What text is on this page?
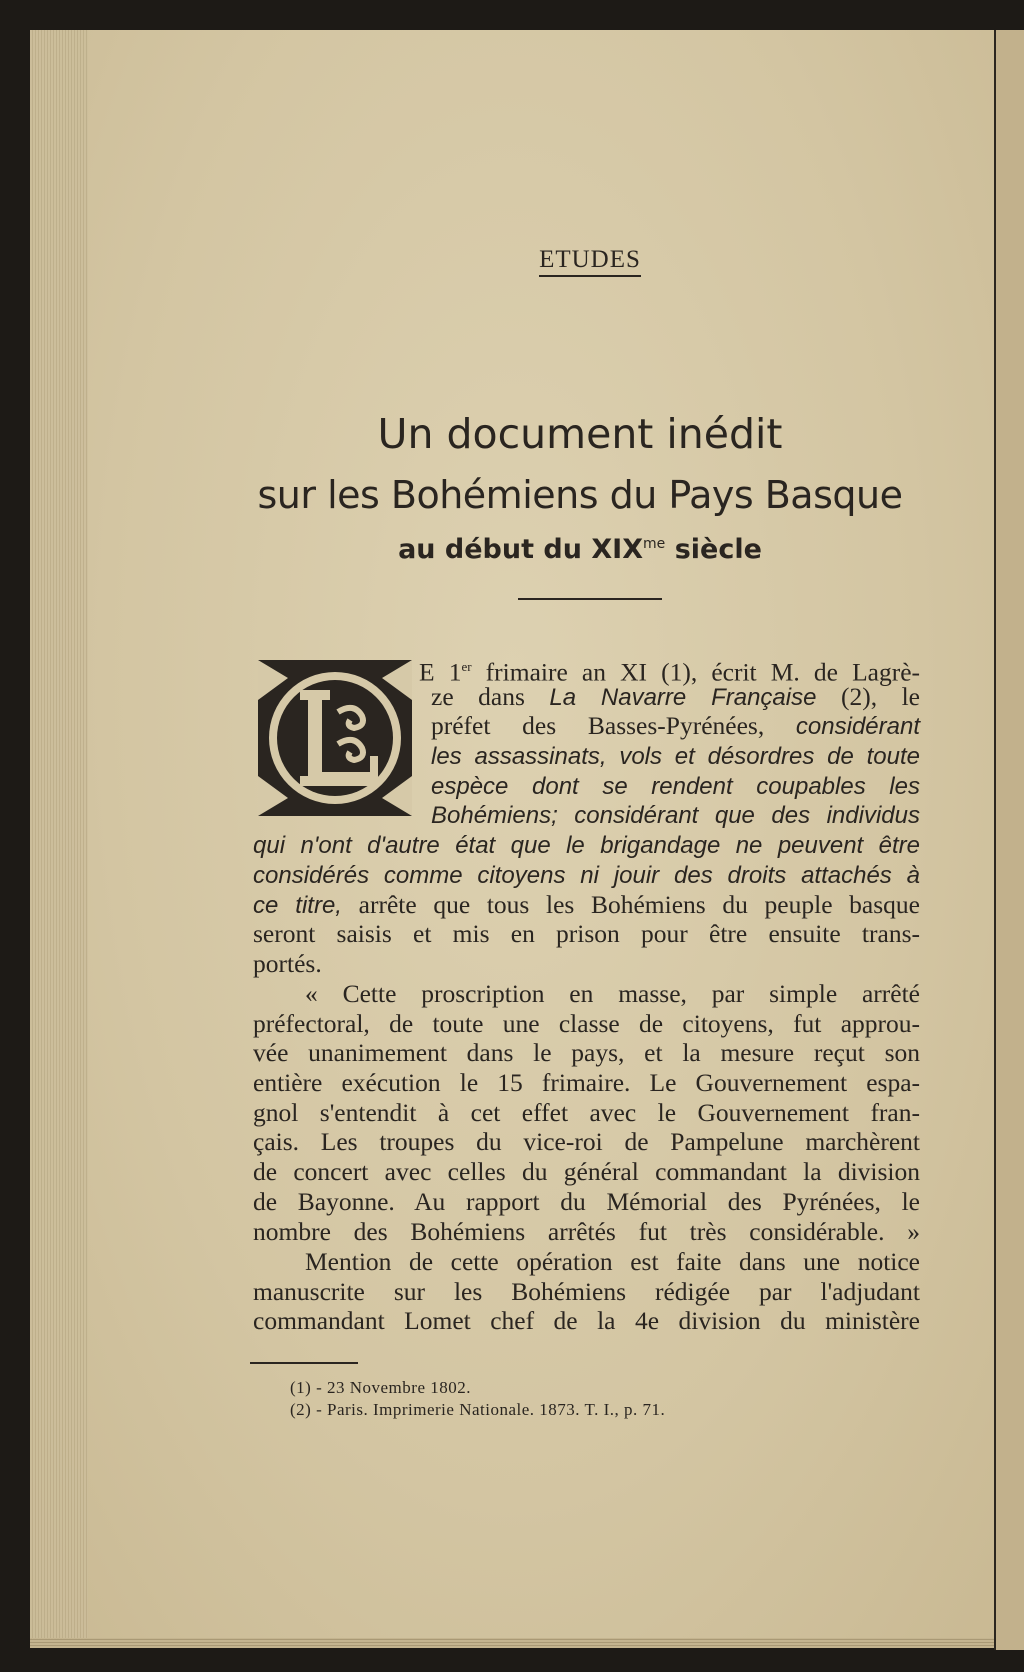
ETUDES
Un document inédit
sur les Bohémiens du Pays Basque
au début du $XIX^{me}$ siècle
E 1er frimaire an XI (1), écrit M. de Lagrè-
ze dans La Navarre Française (2), le
préfet des Basses-Pyrénées, considérant
les assassinats, vols et désordres de toute
espèce dont se rendent coupables les
Bohémiens; considérant que des individus
qui n'ont d'autre état que le brigandage ne peuvent être
considérés comme citoyens ni jouir des droits attachés à
ce titre, arrête que tous les Bohémiens du peuple basque
seront saisis et mis en prison pour être ensuite trans-
portés.
« Cette proscription en masse, par simple arrêté
préfectoral, de toute une classe de citoyens, fut approu-
vée unanimement dans le pays, et la mesure reçut son
entière exécution le 15 frimaire. Le Gouvernement espa-
gnol s'entendit à cet effet avec le Gouvernement fran-
çais. Les troupes du vice-roi de Pampelune marchèrent
de concert avec celles du général commandant la division
de Bayonne. Au rapport du Mémorial des Pyrénées, le
nombre des Bohémiens arrêtés fut très considérable. »
Mention de cette opération est faite dans une notice
manuscrite sur les Bohémiens rédigée par l'adjudant
commandant Lomet chef de la 4e division du ministère
(1) - 23 Novembre 1802.
(2) - Paris. Imprimerie Nationale. 1873. T. I., p. 71.
